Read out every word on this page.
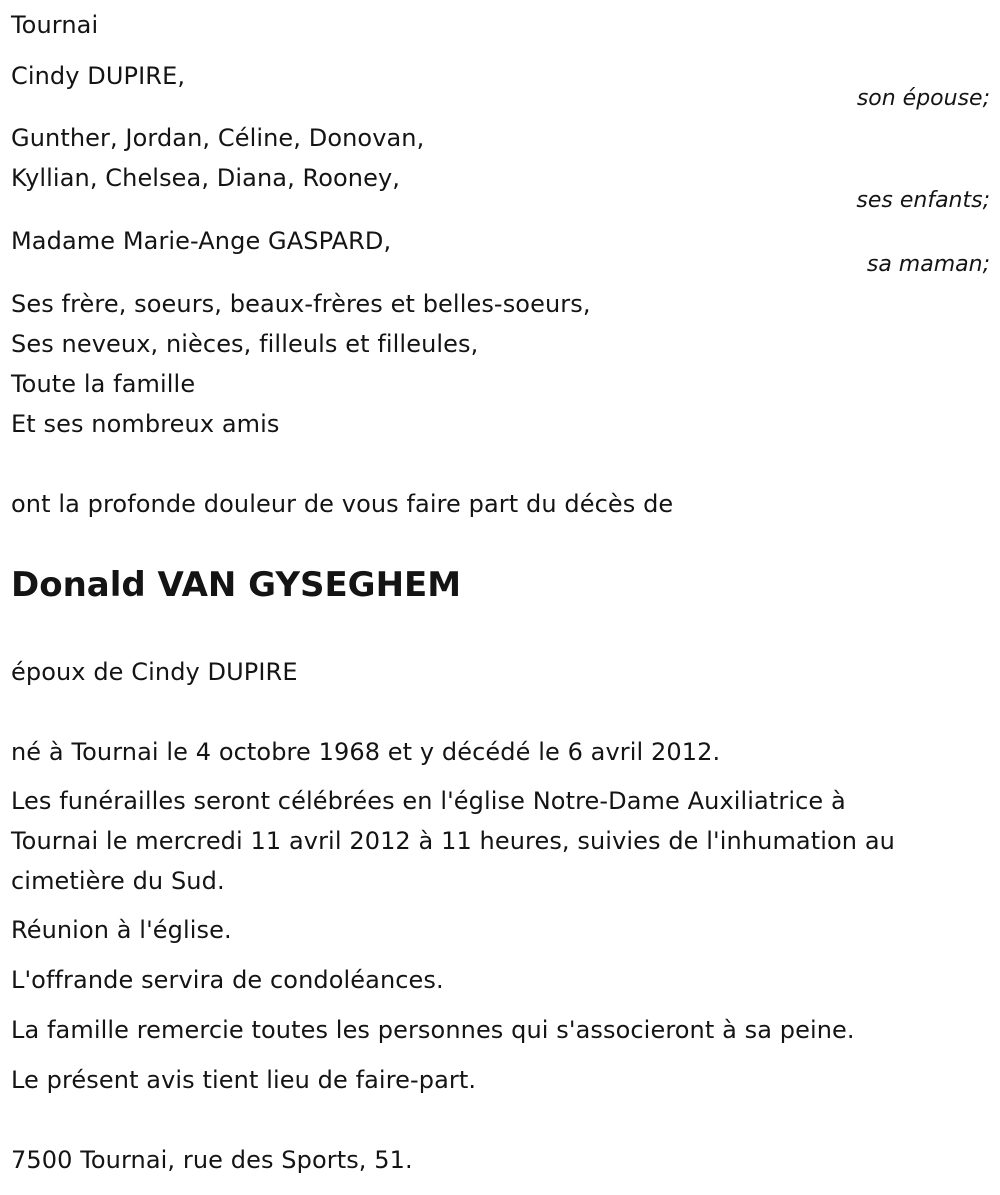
Tournai
Cindy DUPIRE,
son épouse;
Gunther, Jordan, Céline, Donovan,
Kyllian, Chelsea, Diana, Rooney,
ses enfants;
Madame Marie-Ange GASPARD,
sa maman;
Ses frère, soeurs, beaux-frères et belles-soeurs,
Ses neveux, nièces, filleuls et filleules,
Toute la famille
Et ses nombreux amis
ont la profonde douleur de vous faire part du décès de
Donald VAN GYSEGHEM
époux de Cindy DUPIRE
né à Tournai le 4 octobre 1968 et y décédé le 6 avril 2012.
Les funérailles seront célébrées en l'église Notre-Dame Auxiliatrice à
Tournai le mercredi 11 avril 2012 à 11 heures, suivies de l'inhumation au
cimetière du Sud.
Réunion à l'église.
L'offrande servira de condoléances.
La famille remercie toutes les personnes qui s'associeront à sa peine.
Le présent avis tient lieu de faire-part.
7500 Tournai, rue des Sports, 51.
